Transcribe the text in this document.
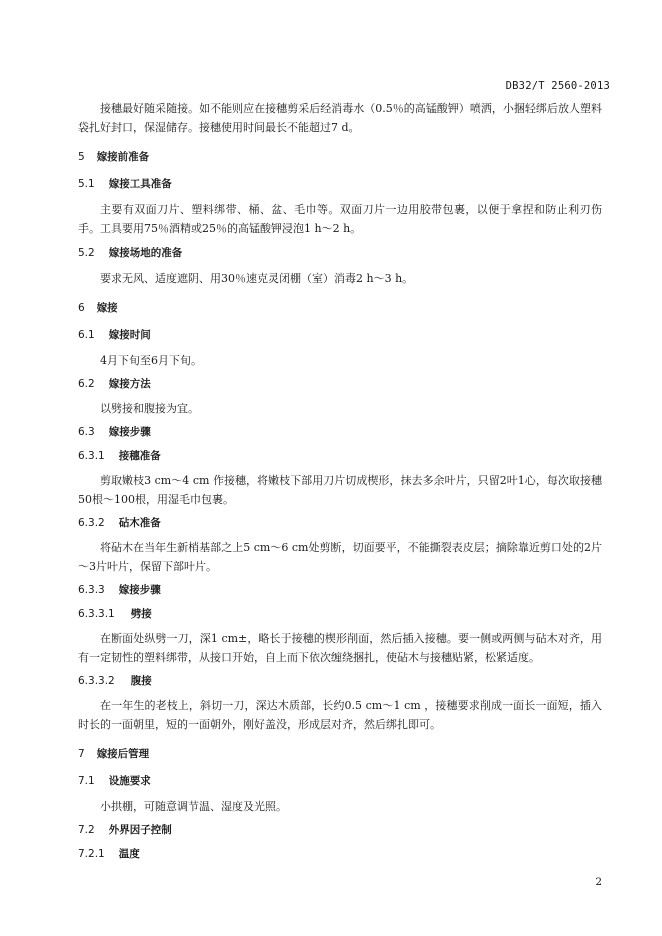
DB32/T 2560-2013

接穗最好随采随接。如不能则应在接穗剪采后经消毒水（0.5％的高锰酸钾）喷洒，小捆轻绑后放人塑料袋扎好封口，保湿储存。接穗使用时间最长不能超过7 d。

5 嫁接前准备
5.1 嫁接工具准备

主要有双面刀片、塑料绑带、桶、盆、毛巾等。双面刀片一边用胶带包裹，以便于拿捏和防止利刃伤手。工具要用75％酒精或25％的高锰酸钾浸泡1 h～2 h。

5.2 嫁接场地的准备

要求无风、适度遮阴、用30％速克灵闭棚（室）消毒2 h～3 h。

6 嫁接
6.1 嫁接时间

4月下旬至6月下旬。

6.2 嫁接方法

以劈接和腹接为宜。

6.3 嫁接步骤
6.3.1 接穗准备

剪取嫩枝3 cm～4 cm 作接穗，将嫩枝下部用刀片切成楔形，抹去多余叶片，只留2叶1心，每次取接穗50根～100根，用湿毛巾包裹。

6.3.2 砧木准备

将砧木在当年生新梢基部之上5 cm～6 cm处剪断，切面要平，不能撕裂表皮层；摘除靠近剪口处的2片～3片叶片，保留下部叶片。

6.3.3 嫁接步骤
6.3.3.1 劈接

在断面处纵劈一刀，深1 cm±，略长于接穗的楔形削面，然后插入接穗。要一侧或两侧与砧木对齐，用有一定韧性的塑料绑带，从接口开始，自上而下依次缠绕捆扎，使砧木与接穗贴紧，松紧适度。

6.3.3.2 腹接

在一年生的老枝上，斜切一刀，深达木质部，长约0.5 cm～1 cm ，接穗要求削成一面长一面短，插入时长的一面朝里，短的一面朝外，刚好盖没，形成层对齐，然后绑扎即可。

7 嫁接后管理
7.1 设施要求

小拱棚，可随意调节温、湿度及光照。

7.2 外界因子控制
7.2.1 温度
2
